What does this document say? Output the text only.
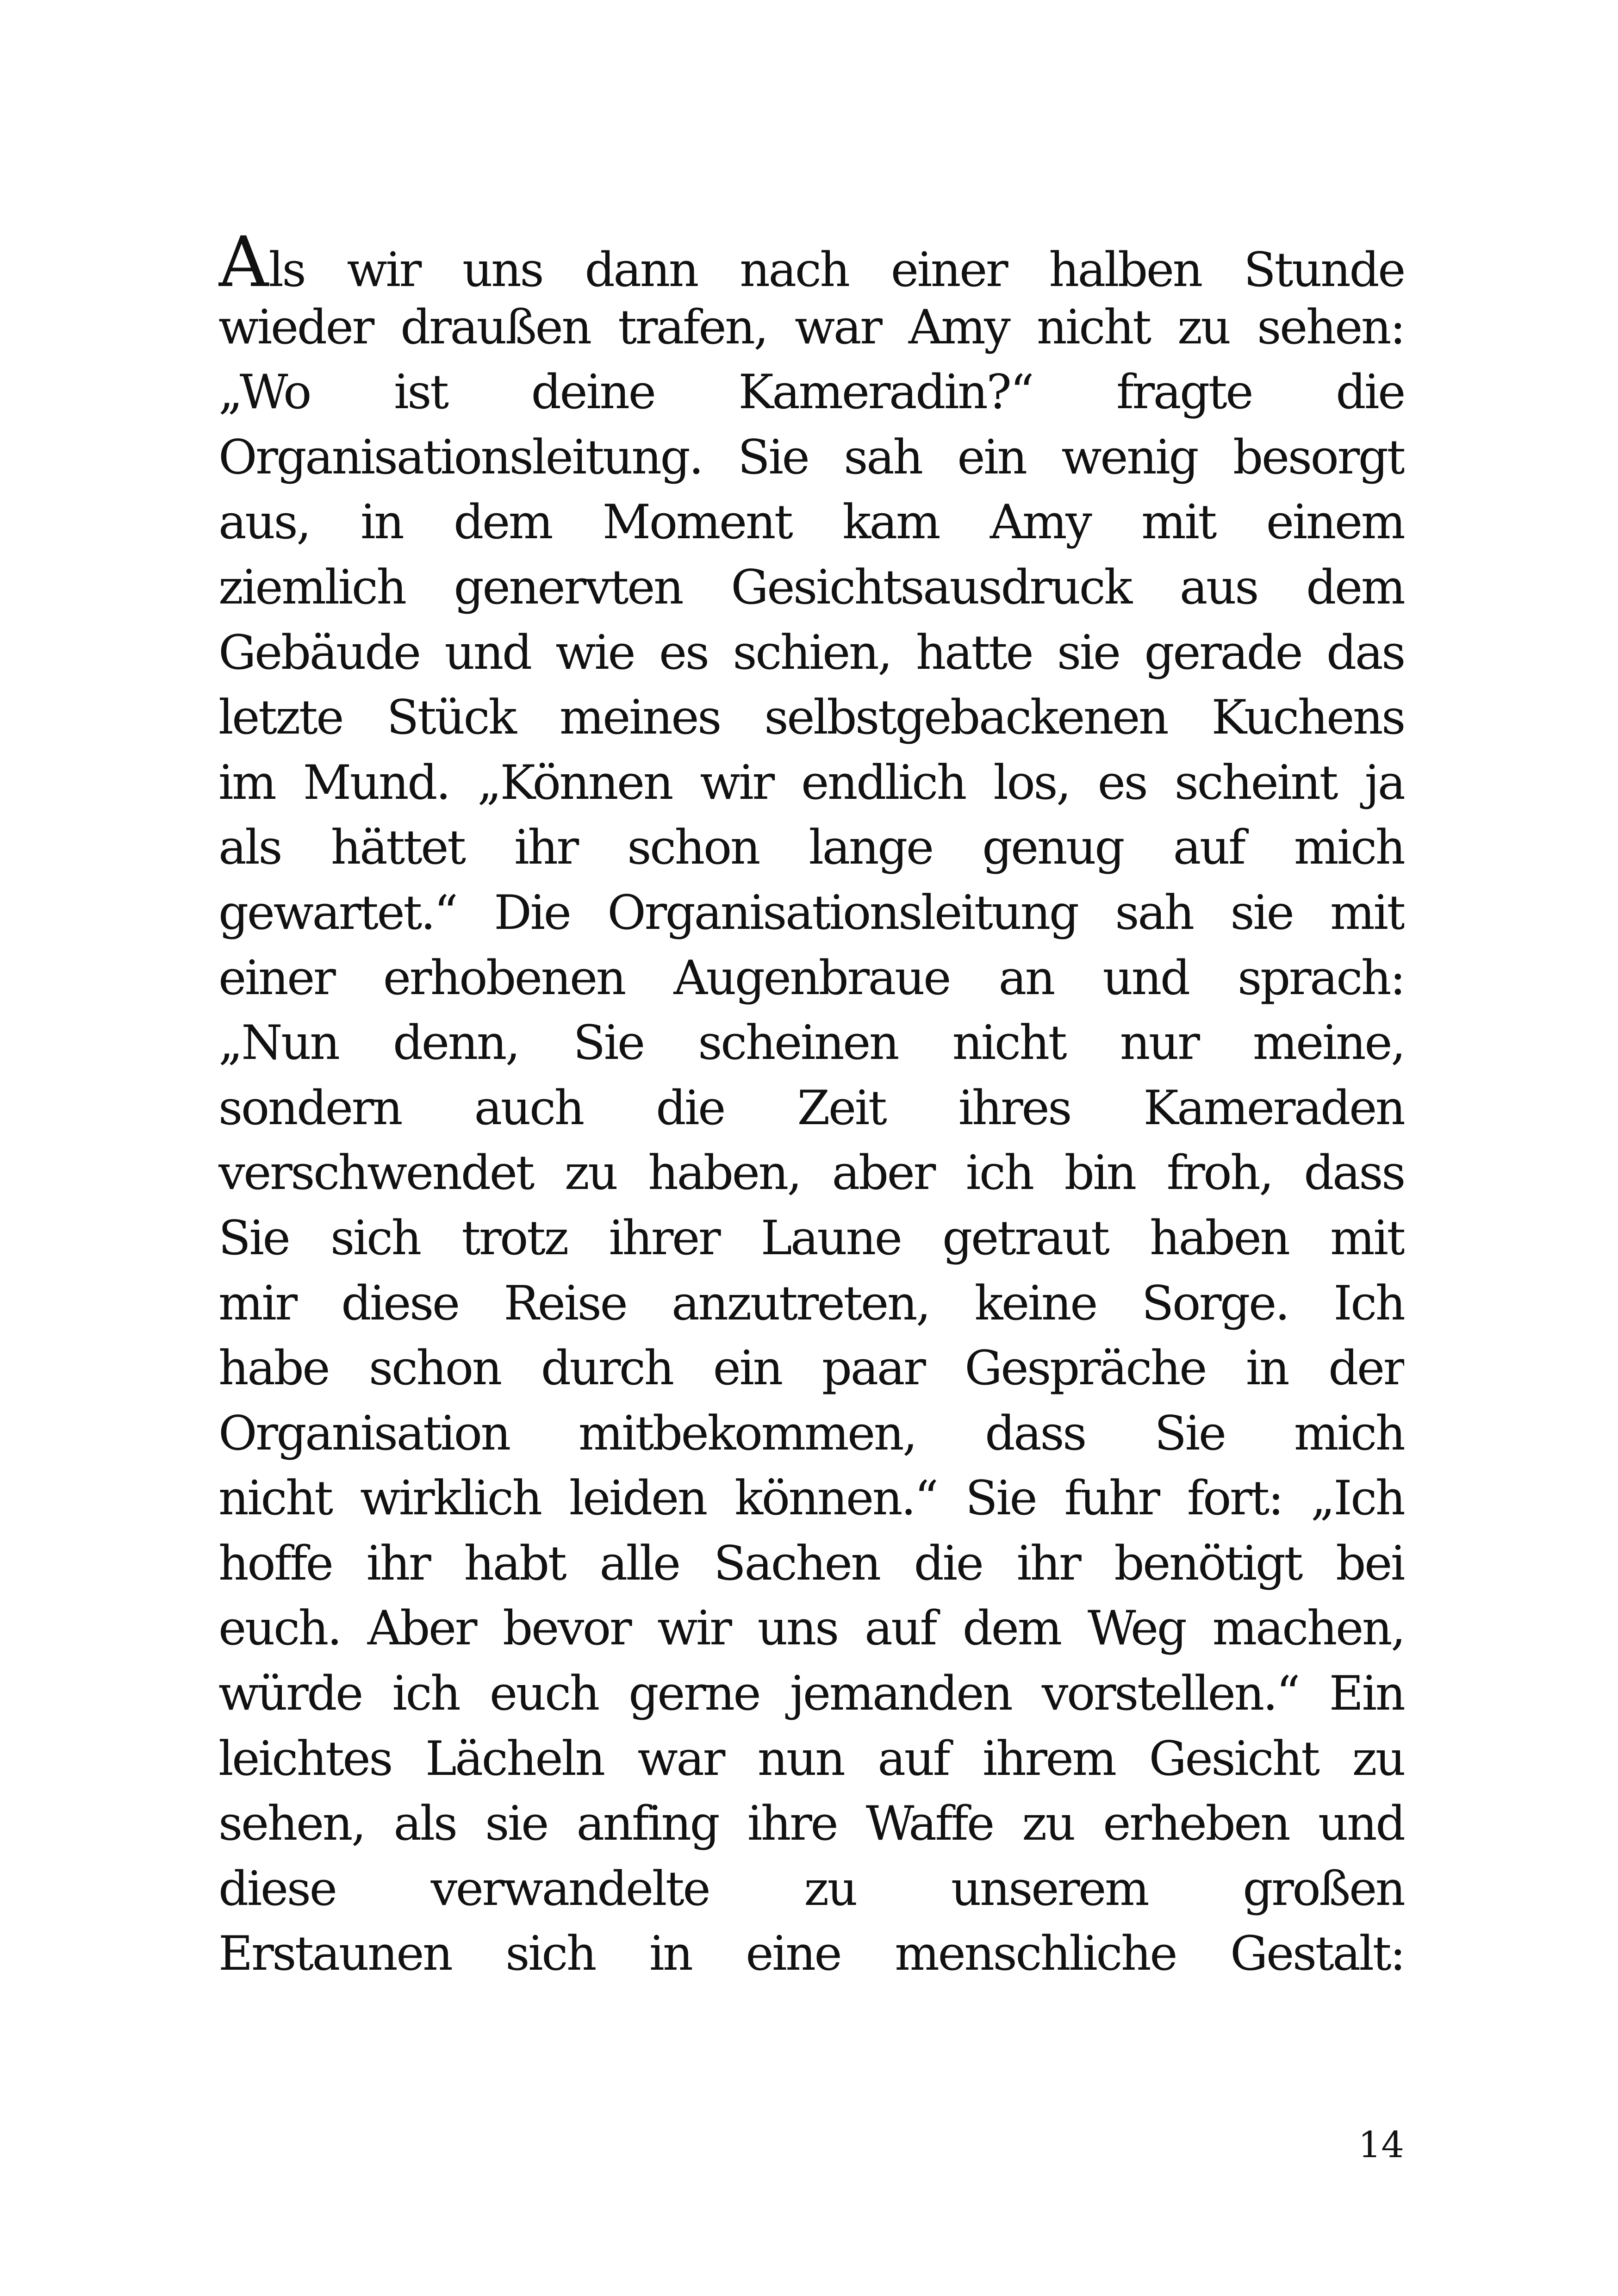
Als wir uns dann nach einer halben Stunde
wieder draußen trafen, war Amy nicht zu sehen:
„Wo ist deine Kameradin?“ fragte die
Organisationsleitung. Sie sah ein wenig besorgt
aus, in dem Moment kam Amy mit einem
ziemlich genervten Gesichtsausdruck aus dem
Gebäude und wie es schien, hatte sie gerade das
letzte Stück meines selbstgebackenen Kuchens
im Mund. „Können wir endlich los, es scheint ja
als hättet ihr schon lange genug auf mich
gewartet.“ Die Organisationsleitung sah sie mit
einer erhobenen Augenbraue an und sprach:
„Nun denn, Sie scheinen nicht nur meine,
sondern auch die Zeit ihres Kameraden
verschwendet zu haben, aber ich bin froh, dass
Sie sich trotz ihrer Laune getraut haben mit
mir diese Reise anzutreten, keine Sorge. Ich
habe schon durch ein paar Gespräche in der
Organisation mitbekommen, dass Sie mich
nicht wirklich leiden können.“ Sie fuhr fort: „Ich
hoffe ihr habt alle Sachen die ihr benötigt bei
euch. Aber bevor wir uns auf dem Weg machen,
würde ich euch gerne jemanden vorstellen.“ Ein
leichtes Lächeln war nun auf ihrem Gesicht zu
sehen, als sie anfing ihre Waffe zu erheben und
diese verwandelte zu unserem großen
Erstaunen sich in eine menschliche Gestalt:
14
